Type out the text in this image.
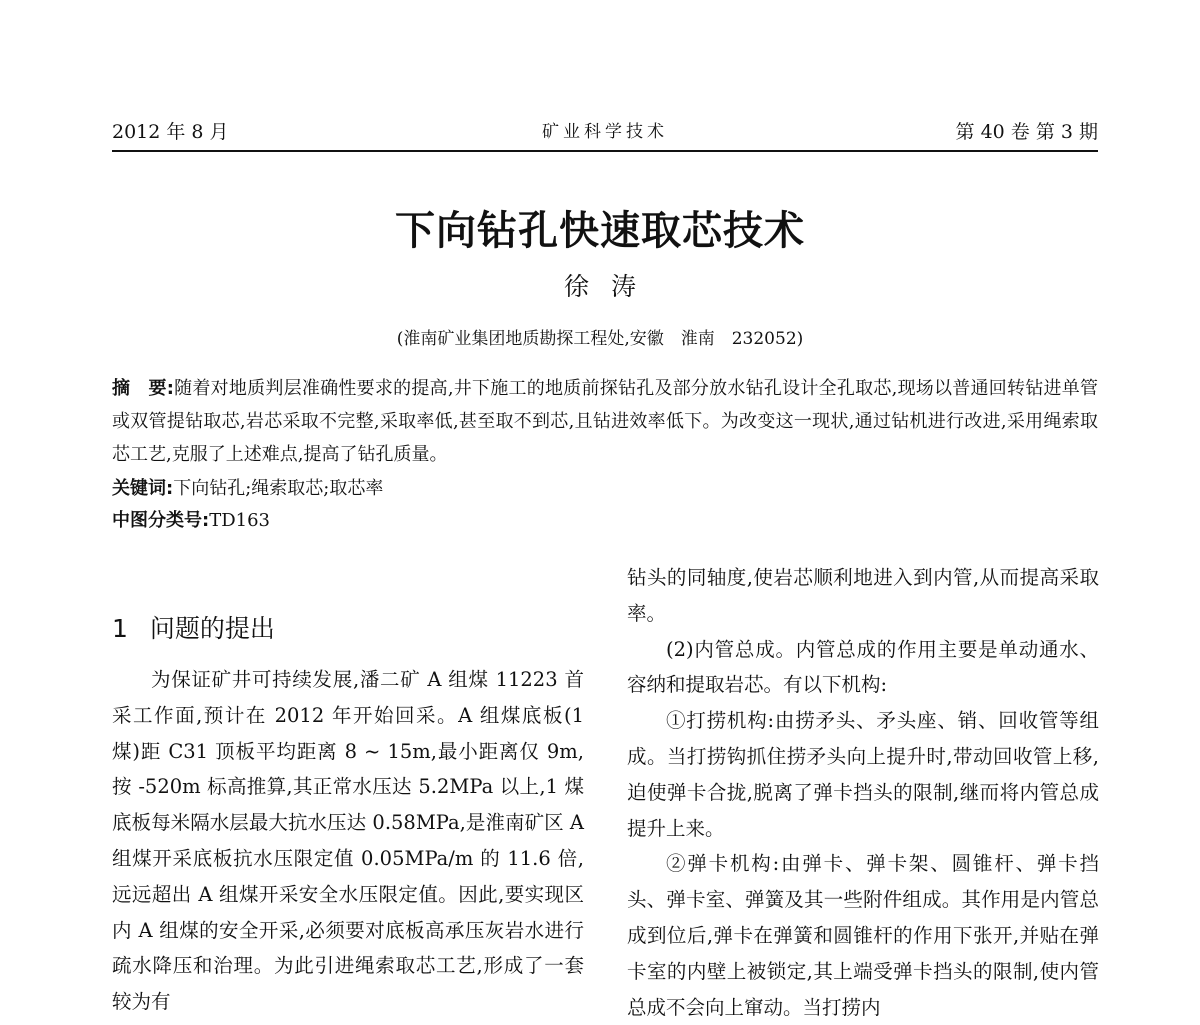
2012 年 8 月	矿业科学技术	第 40 卷 第 3 期
下向钻孔快速取芯技术
徐涛
(淮南矿业集团地质勘探工程处,安徽　淮南　232052)
摘　要:随着对地质判层准确性要求的提高,井下施工的地质前探钻孔及部分放水钻孔设计全孔取芯,现场以普通回转钻进单管或双管提钻取芯,岩芯采取不完整,采取率低,甚至取不到芯,且钻进效率低下。为改变这一现状,通过钻机进行改进,采用绳索取芯工艺,克服了上述难点,提高了钻孔质量。
关键词:下向钻孔;绳索取芯;取芯率
中图分类号:TD163
1 问题的提出
为保证矿井可持续发展,潘二矿 A 组煤 11223 首采工作面,预计在 2012 年开始回采。A 组煤底板(1 煤)距 C31 顶板平均距离 8 ~ 15m,最小距离仅 9m,按 -520m 标高推算,其正常水压达 5.2MPa 以上,1 煤底板每米隔水层最大抗水压达 0.58MPa,是淮南矿区 A 组煤开采底板抗水压限定值 0.05MPa/m 的 11.6 倍,远远超出 A 组煤开采安全水压限定值。因此,要实现区内 A 组煤的安全开采,必须要对底板高承压灰岩水进行疏水降压和治理。为此引进绳索取芯工艺,形成了一套较为有

钻头的同轴度,使岩芯顺利地进入到内管,从而提高采取率。

(2)内管总成。内管总成的作用主要是单动通水、容纳和提取岩芯。有以下机构:

①打捞机构:由捞矛头、矛头座、销、回收管等组成。当打捞钩抓住捞矛头向上提升时,带动回收管上移,迫使弹卡合拢,脱离了弹卡挡头的限制,继而将内管总成提升上来。

②弹卡机构:由弹卡、弹卡架、圆锥杆、弹卡挡头、弹卡室、弹簧及其一些附件组成。其作用是内管总成到位后,弹卡在弹簧和圆锥杆的作用下张开,并贴在弹卡室的内壁上被锁定,其上端受弹卡挡头的限制,使内管总成不会向上窜动。当打捞内
